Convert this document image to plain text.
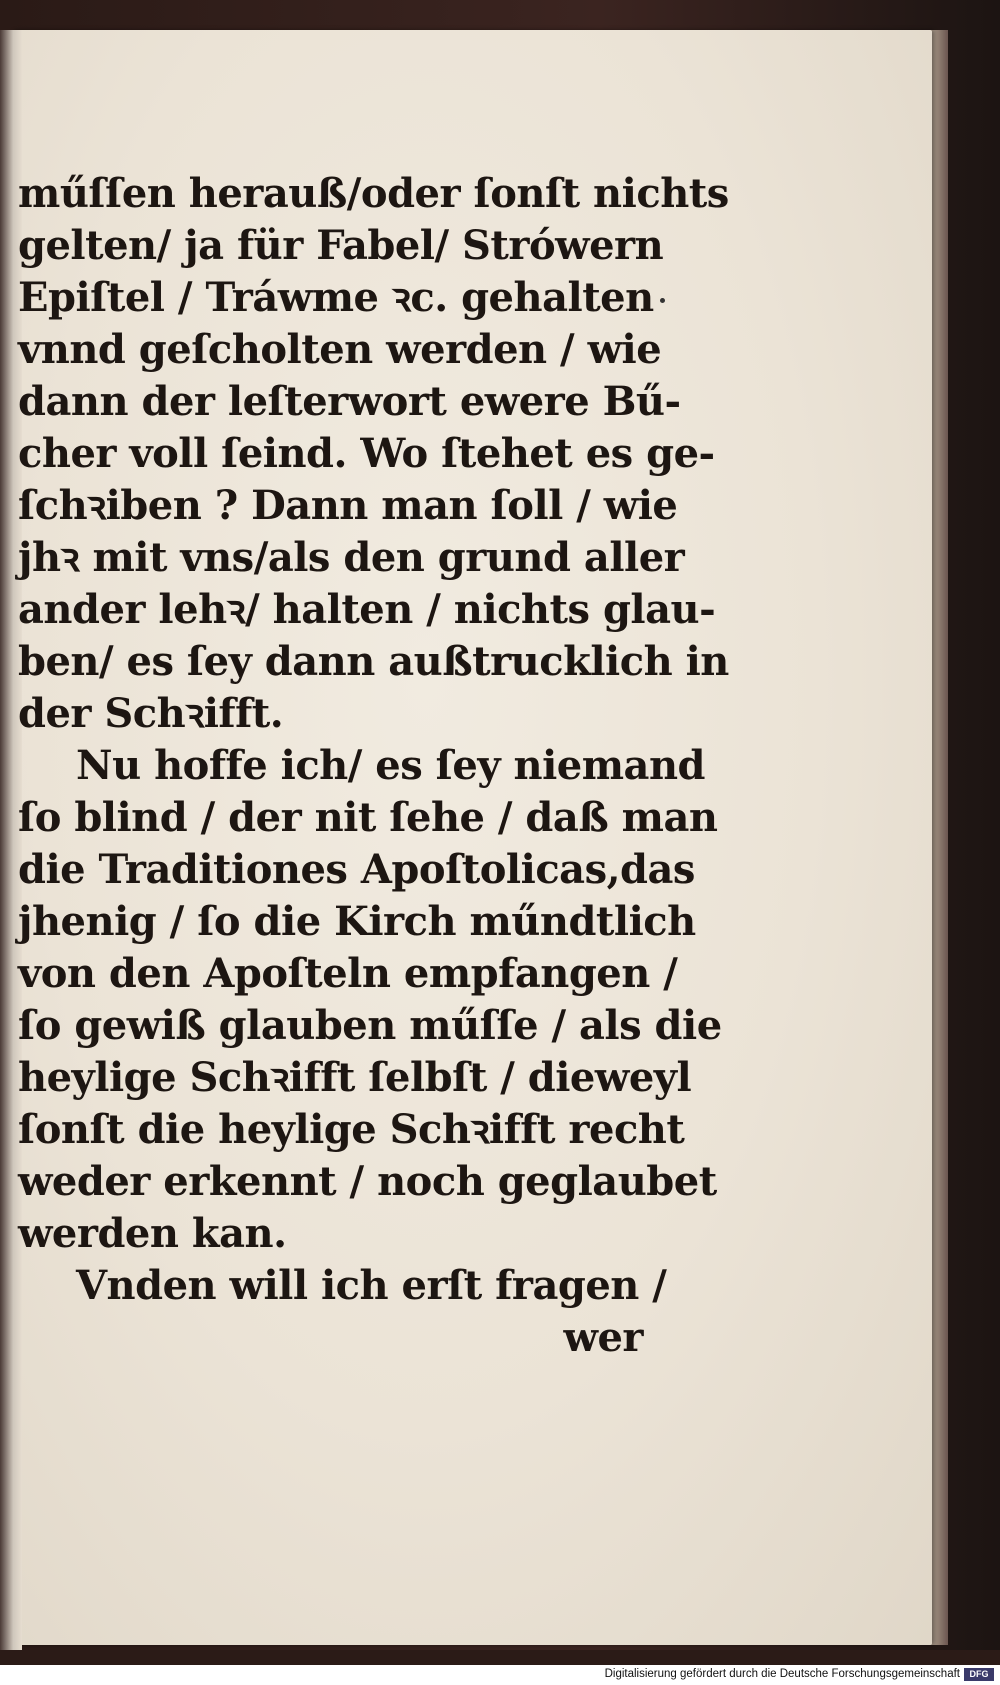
műſſen herauß/oder ſonſt nichts
gelten/ ja für Fabel/ Strówern
Epiſtel / Tráwme ꝛc. gehalten
vnnd geſcholten werden / wie
dann der leſterwort ewere Bű-
cher voll ſeind. Wo ſtehet es ge-
ſchꝛiben ? Dann man ſoll / wie
jhꝛ mit vns/als den grund aller
ander lehꝛ/ halten / nichts glau-
ben/ es ſey dann außtrucklich in
der Schꝛifft.
Nu hoffe ich/ es ſey niemand
ſo blind / der nit ſehe / daß man
die Traditiones Apoſtolicas,das
jhenig / ſo die Kirch műndtlich
von den Apoſteln empfangen /
ſo gewiß glauben műſſe / als die
heylige Schꝛifft ſelbſt / dieweyl
ſonſt die heylige Schꝛifft recht
weder erkennt / noch geglaubet
werden kan.
Vnden will ich erſt fragen /
wer
Digitalisierung gefördert durch die Deutsche Forschungsgemeinschaft	DFG
